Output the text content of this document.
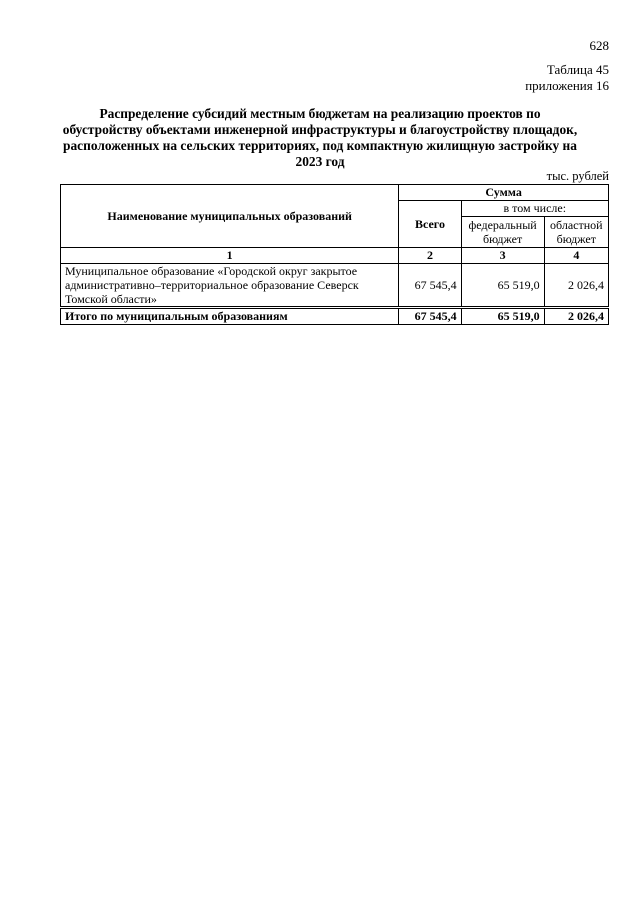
628
Таблица 45
приложения 16
Распределение субсидий местным бюджетам на реализацию проектов по обустройству объектами инженерной инфраструктуры и благоустройству площадок, расположенных на сельских территориях, под компактную жилищную застройку на 2023 год
тыс. рублей
Наименование муниципальных образований	Сумма		
	Всего	в том числе:	
		федеральный бюджет	областной бюджет
1	2	3	4
Муниципальное образование «Городской округ закрытое административно–территориальное образование Северск Томской области»	67 545,4	65 519,0	2 026,4
Итого по муниципальным образованиям	67 545,4	65 519,0	2 026,4
